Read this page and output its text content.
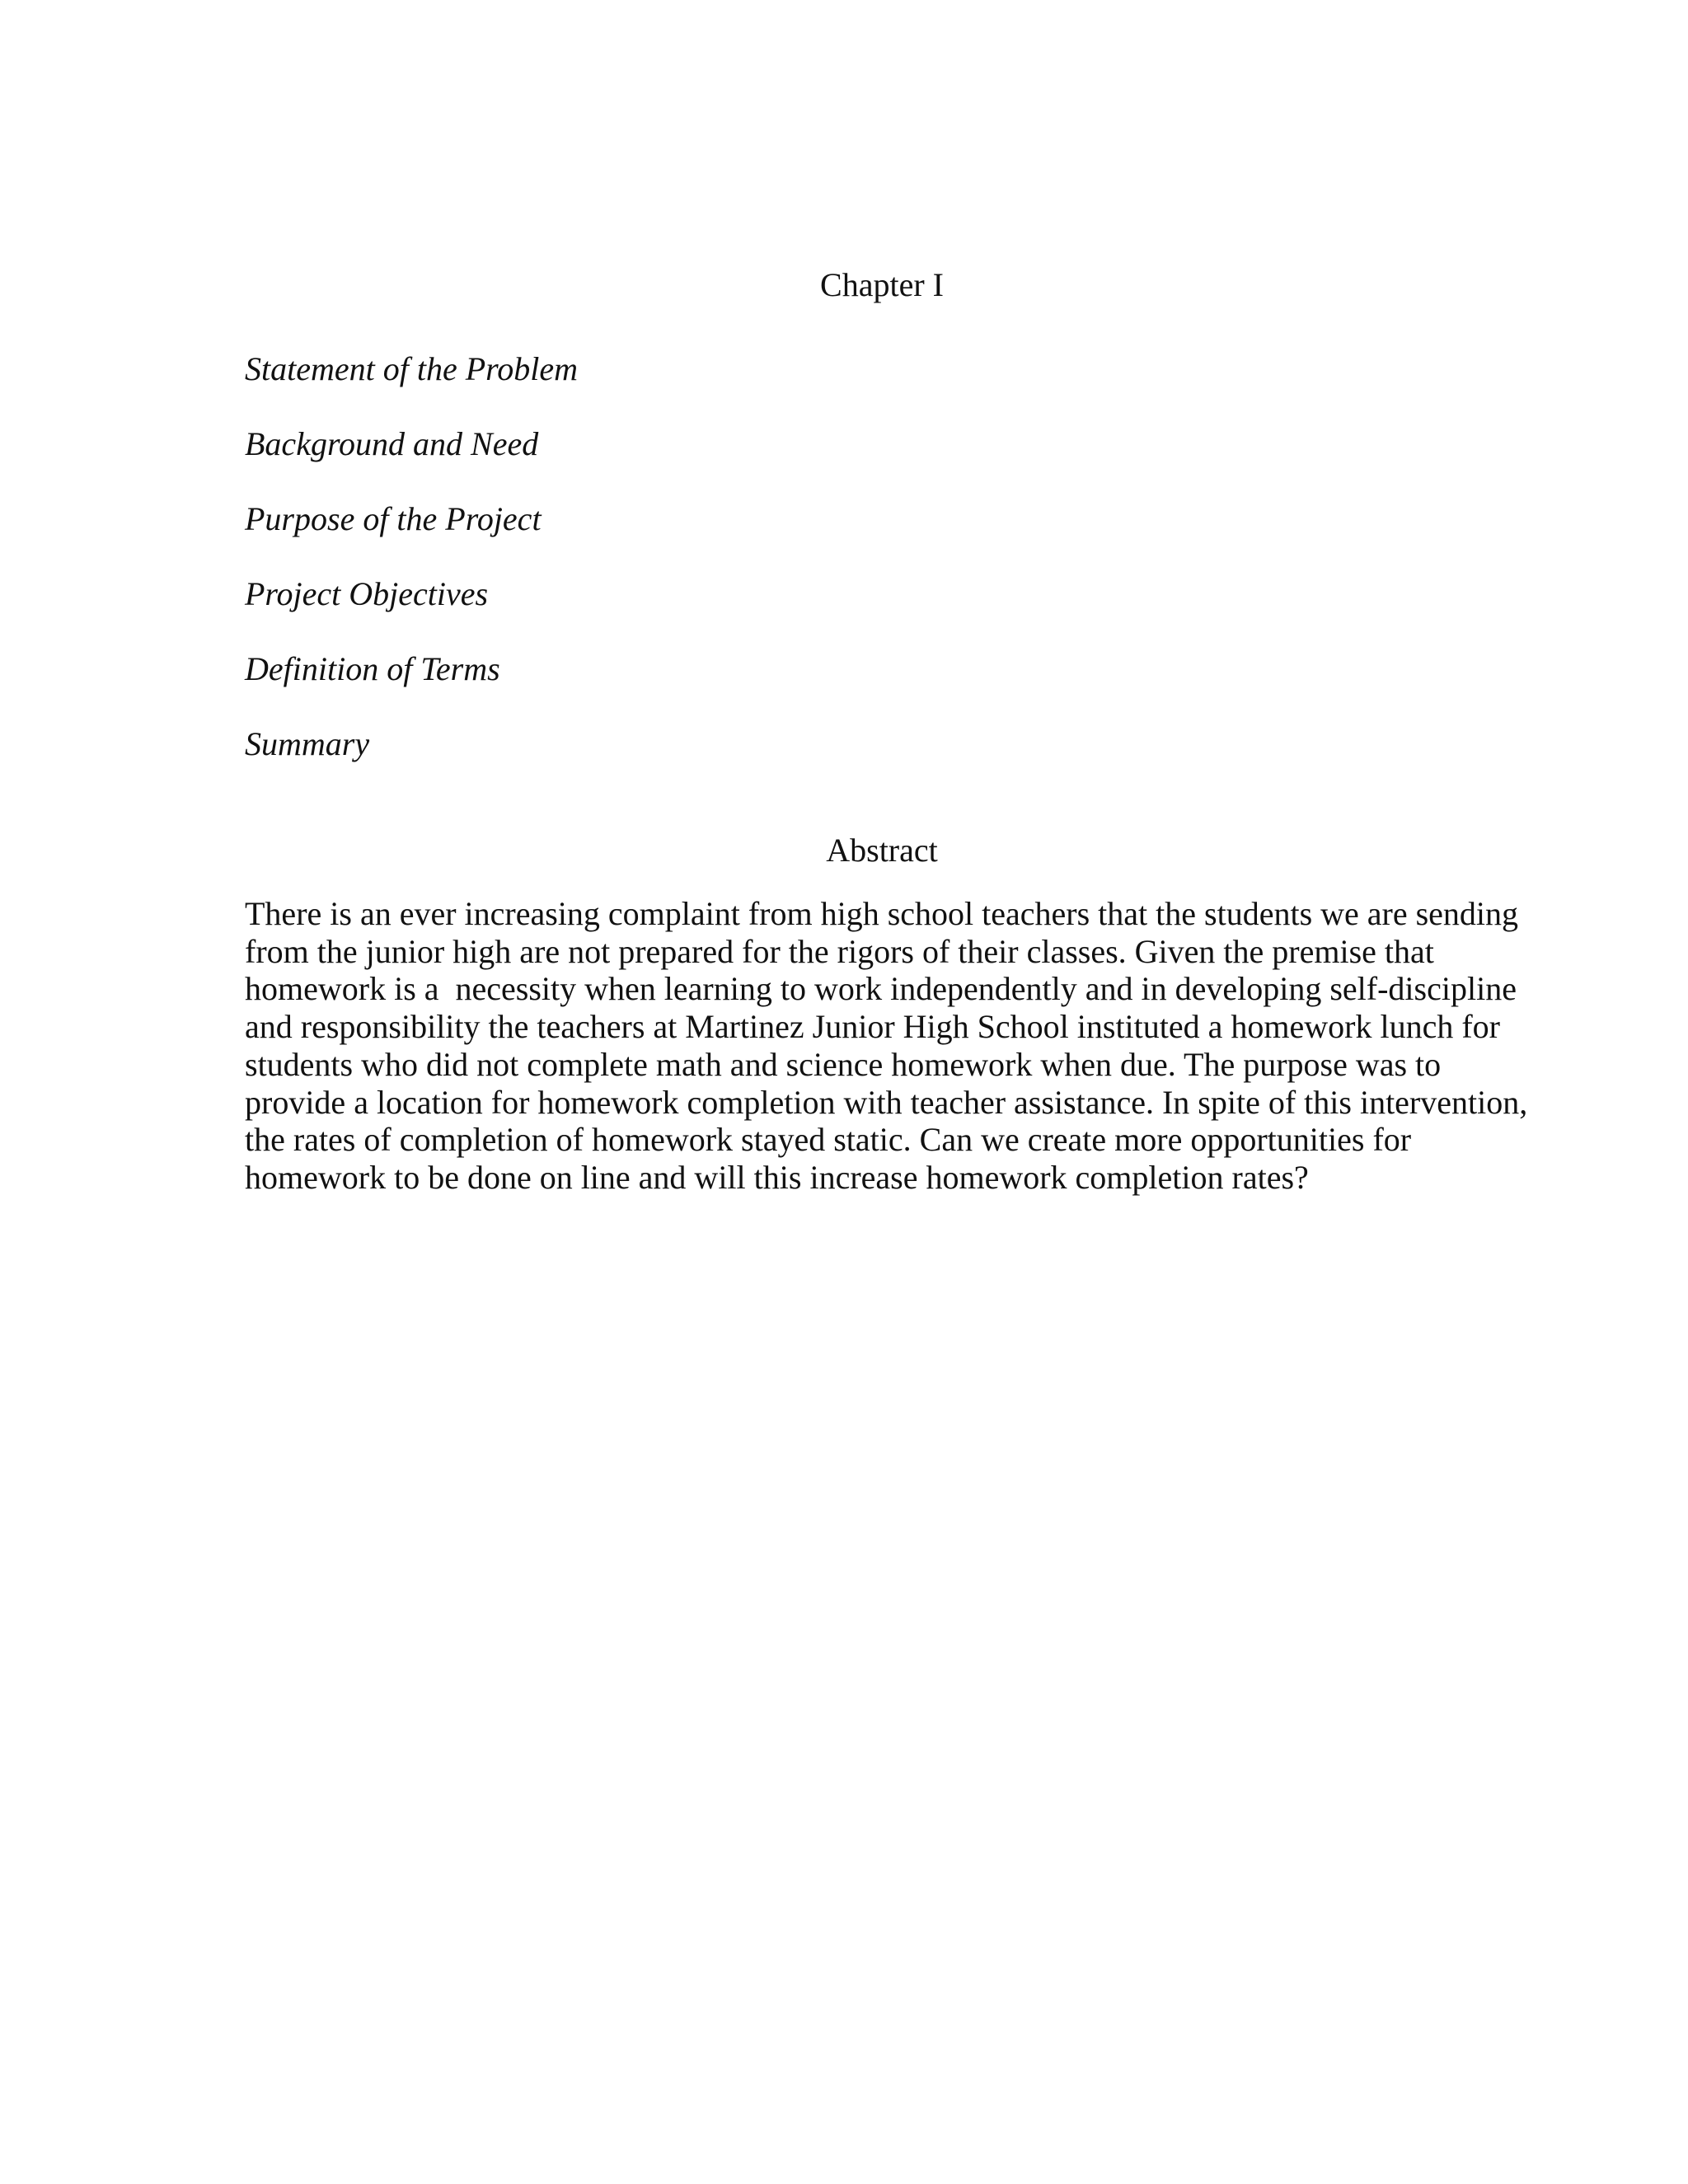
Chapter I
Statement of the Problem
Background and Need
Purpose of the Project
Project Objectives
Definition of Terms
Summary
Abstract

There is an ever increasing complaint from high school teachers that the students we are sending
from the junior high are not prepared for the rigors of their classes. Given the premise that
homework is a  necessity when learning to work independently and in developing self-discipline
and responsibility the teachers at Martinez Junior High School instituted a homework lunch for
students who did not complete math and science homework when due. The purpose was to
provide a location for homework completion with teacher assistance. In spite of this intervention,
the rates of completion of homework stayed static. Can we create more opportunities for
homework to be done on line and will this increase homework completion rates?
